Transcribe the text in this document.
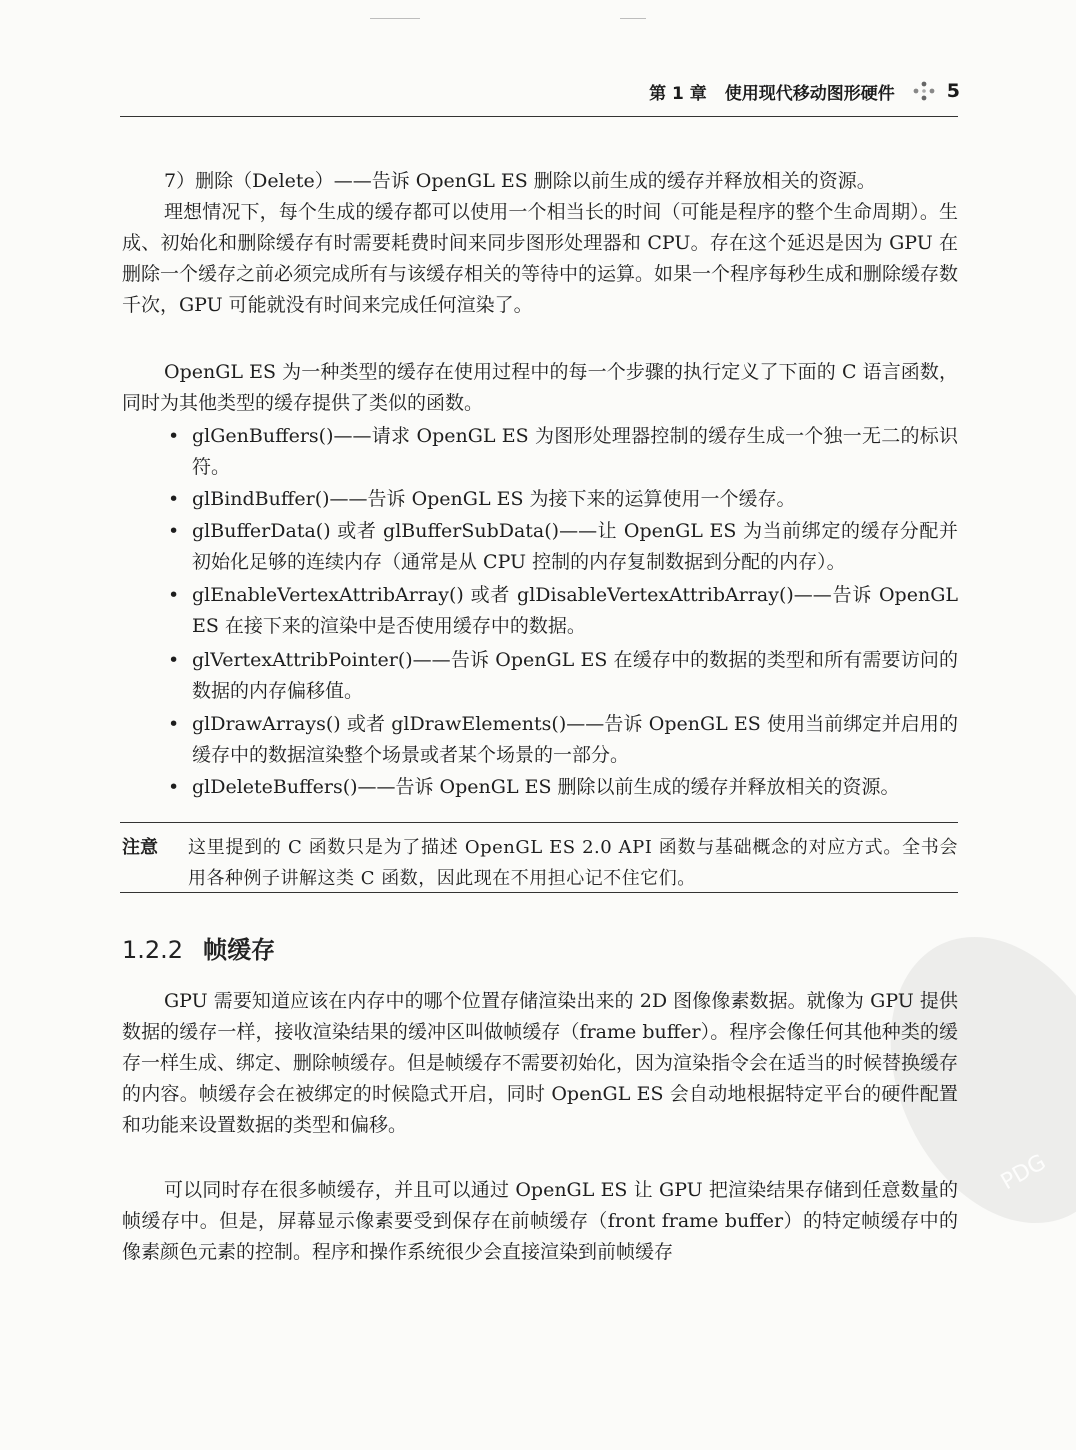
第 1 章 使用现代移动图形硬件	5

7）删除（Delete）——告诉 OpenGL ES 删除以前生成的缓存并释放相关的资源。

理想情况下，每个生成的缓存都可以使用一个相当长的时间（可能是程序的整个生命周期）。生成、初始化和删除缓存有时需要耗费时间来同步图形处理器和 CPU。存在这个延迟是因为 GPU 在删除一个缓存之前必须完成所有与该缓存相关的等待中的运算。如果一个程序每秒生成和删除缓存数千次，GPU 可能就没有时间来完成任何渲染了。

OpenGL ES 为一种类型的缓存在使用过程中的每一个步骤的执行定义了下面的 C 语言函数，同时为其他类型的缓存提供了类似的函数。

• glGenBuffers()——请求 OpenGL ES 为图形处理器控制的缓存生成一个独一无二的标识符。

• glBindBuffer()——告诉 OpenGL ES 为接下来的运算使用一个缓存。

• glBufferData() 或者 glBufferSubData()——让 OpenGL ES 为当前绑定的缓存分配并初始化足够的连续内存（通常是从 CPU 控制的内存复制数据到分配的内存）。

• glEnableVertexAttribArray() 或者 glDisableVertexAttribArray()——告诉 OpenGL ES 在接下来的渲染中是否使用缓存中的数据。

• glVertexAttribPointer()——告诉 OpenGL ES 在缓存中的数据的类型和所有需要访问的数据的内存偏移值。

• glDrawArrays() 或者 glDrawElements()——告诉 OpenGL ES 使用当前绑定并启用的缓存中的数据渲染整个场景或者某个场景的一部分。

• glDeleteBuffers()——告诉 OpenGL ES 删除以前生成的缓存并释放相关的资源。

注意 这里提到的 C 函数只是为了描述 OpenGL ES 2.0 API 函数与基础概念的对应方式。全书会用各种例子讲解这类 C 函数，因此现在不用担心记不住它们。
PDG
1.2.2 帧缓存

GPU 需要知道应该在内存中的哪个位置存储渲染出来的 2D 图像像素数据。就像为 GPU 提供数据的缓存一样，接收渲染结果的缓冲区叫做帧缓存（frame buffer）。程序会像任何其他种类的缓存一样生成、绑定、删除帧缓存。但是帧缓存不需要初始化，因为渲染指令会在适当的时候替换缓存的内容。帧缓存会在被绑定的时候隐式开启，同时 OpenGL ES 会自动地根据特定平台的硬件配置和功能来设置数据的类型和偏移。

可以同时存在很多帧缓存，并且可以通过 OpenGL ES 让 GPU 把渲染结果存储到任意数量的帧缓存中。但是，屏幕显示像素要受到保存在前帧缓存（front frame buffer）的特定帧缓存中的像素颜色元素的控制。程序和操作系统很少会直接渲染到前帧缓存
